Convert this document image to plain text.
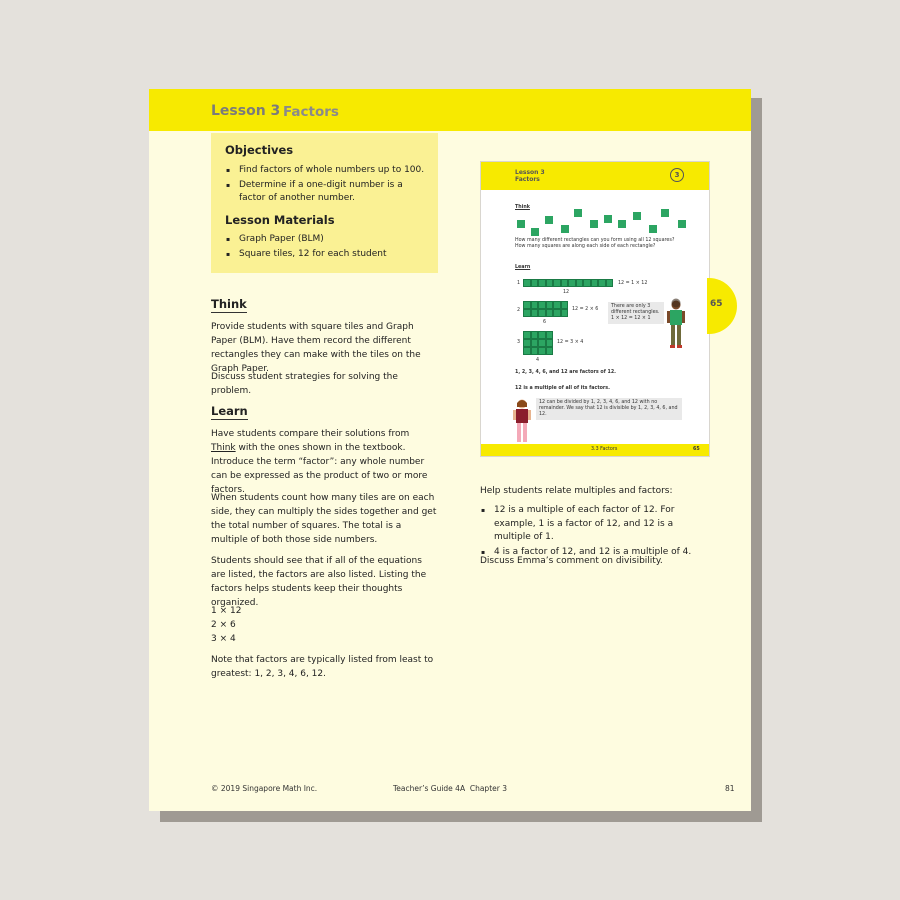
Lesson 3 Factors
Objectives
▪ Find factors of whole numbers up to 100.
▪ Determine if a one-digit number is a factor of another number.
Lesson Materials
▪ Graph Paper (BLM)
▪ Square tiles, 12 for each student
Think

Provide students with square tiles and Graph Paper (BLM). Have them record the different rectangles they can make with the tiles on the Graph Paper.

Discuss student strategies for solving the problem.

Learn

Have students compare their solutions from Think with the ones shown in the textbook. Introduce the term “factor”: any whole number can be expressed as the product of two or more factors.

When students count how many tiles are on each side, they can multiply the sides together and get the total number of squares. The total is a multiple of both those side numbers.

Students should see that if all of the equations are listed, the factors are also listed. Listing the factors helps students keep their thoughts organized.

1 × 12

2 × 6

3 × 4

Note that factors are typically listed from least to greatest: 1, 2, 3, 4, 6, 12.

Lesson 3
Factors
3
Think
How many different rectangles can you form using all 12 squares? How many squares are along each side of each rectangle?
Learn
1	12 = 1 × 12
12
2	12 = 2 × 6
6
3	12 = 3 × 4
4
There are only 3 different rectangles. 1 × 12 = 12 × 1
1, 2, 3, 4, 6, and 12 are factors of 12.
12 is a multiple of all of its factors.
12 can be divided by 1, 2, 3, 4, 6, and 12 with no remainder. We say that 12 is divisible by 1, 2, 3, 4, 6, and 12.
3.3 Factors	65
65

Help students relate multiples and factors:

▪ 12 is a multiple of each factor of 12. For example, 1 is a factor of 12, and 12 is a multiple of 1.
▪ 4 is a factor of 12, and 12 is a multiple of 4.

Discuss Emma’s comment on divisibility.

© 2019 Singapore Math Inc.	Teacher’s Guide 4A  Chapter 3	81
